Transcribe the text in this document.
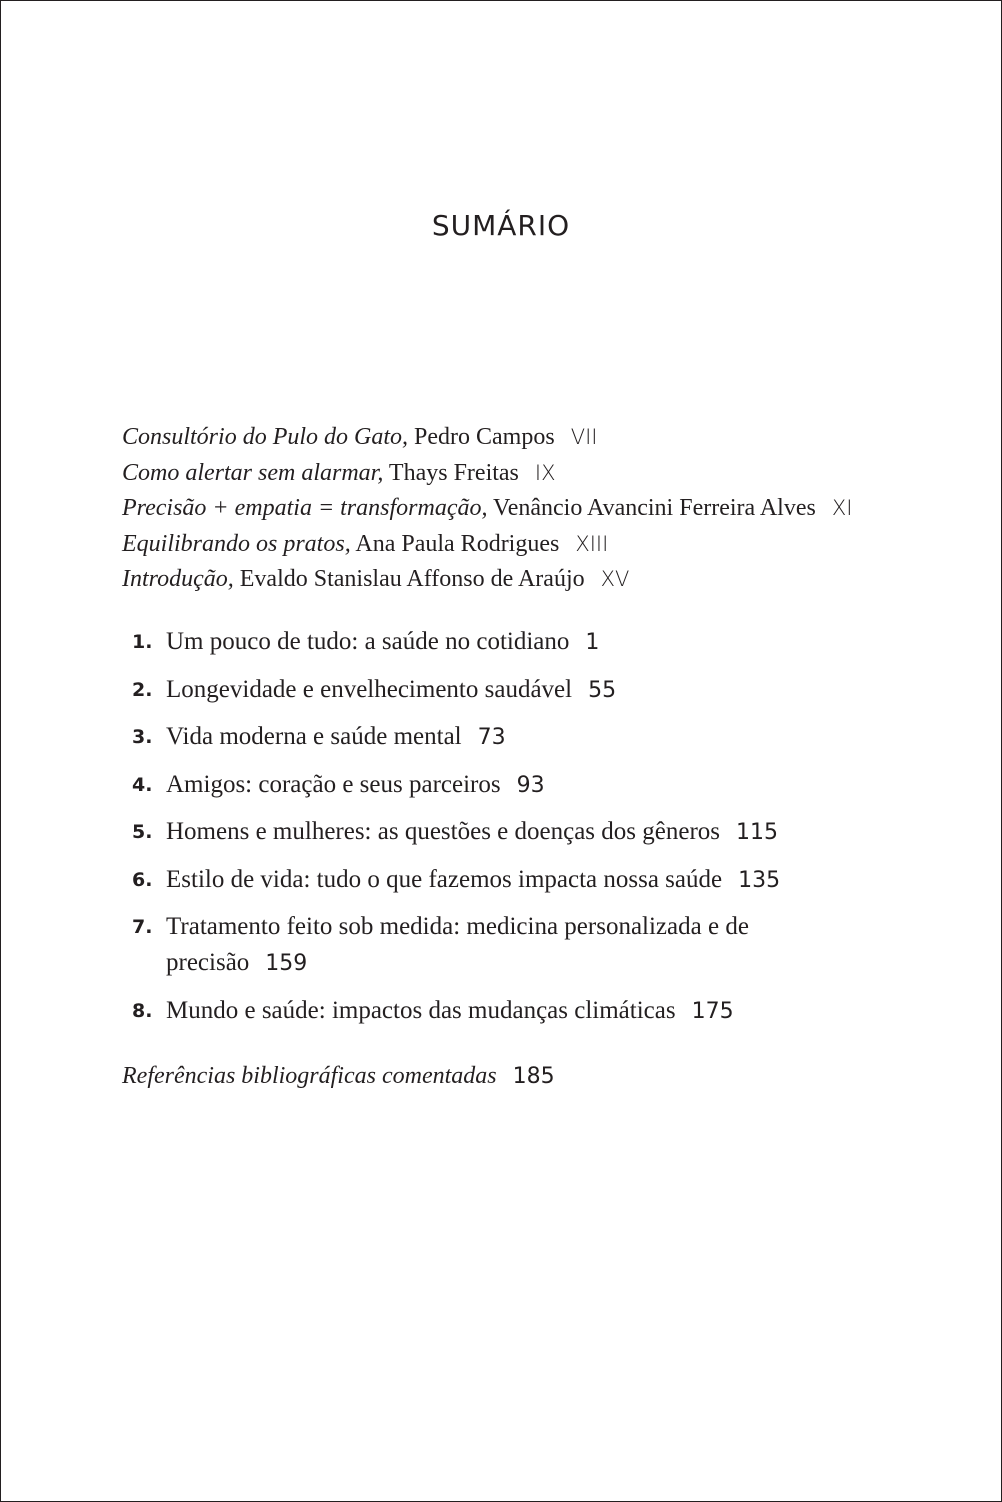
SUMÁRIO
Consultório do Pulo do Gato, Pedro Campos VII
Como alertar sem alarmar, Thays Freitas IX
Precisão + empatia = transformação, Venâncio Avancini Ferreira Alves XI
Equilibrando os pratos, Ana Paula Rodrigues XIII
Introdução, Evaldo Stanislau Affonso de Araújo XV
1. Um pouco de tudo: a saúde no cotidiano 1
2. Longevidade e envelhecimento saudável 55
3. Vida moderna e saúde mental 73
4. Amigos: coração e seus parceiros 93
5. Homens e mulheres: as questões e doenças dos gêneros 115
6. Estilo de vida: tudo o que fazemos impacta nossa saúde 135
7. Tratamento feito sob medida: medicina personalizada e de precisão 159
8. Mundo e saúde: impactos das mudanças climáticas 175
Referências bibliográficas comentadas 185
